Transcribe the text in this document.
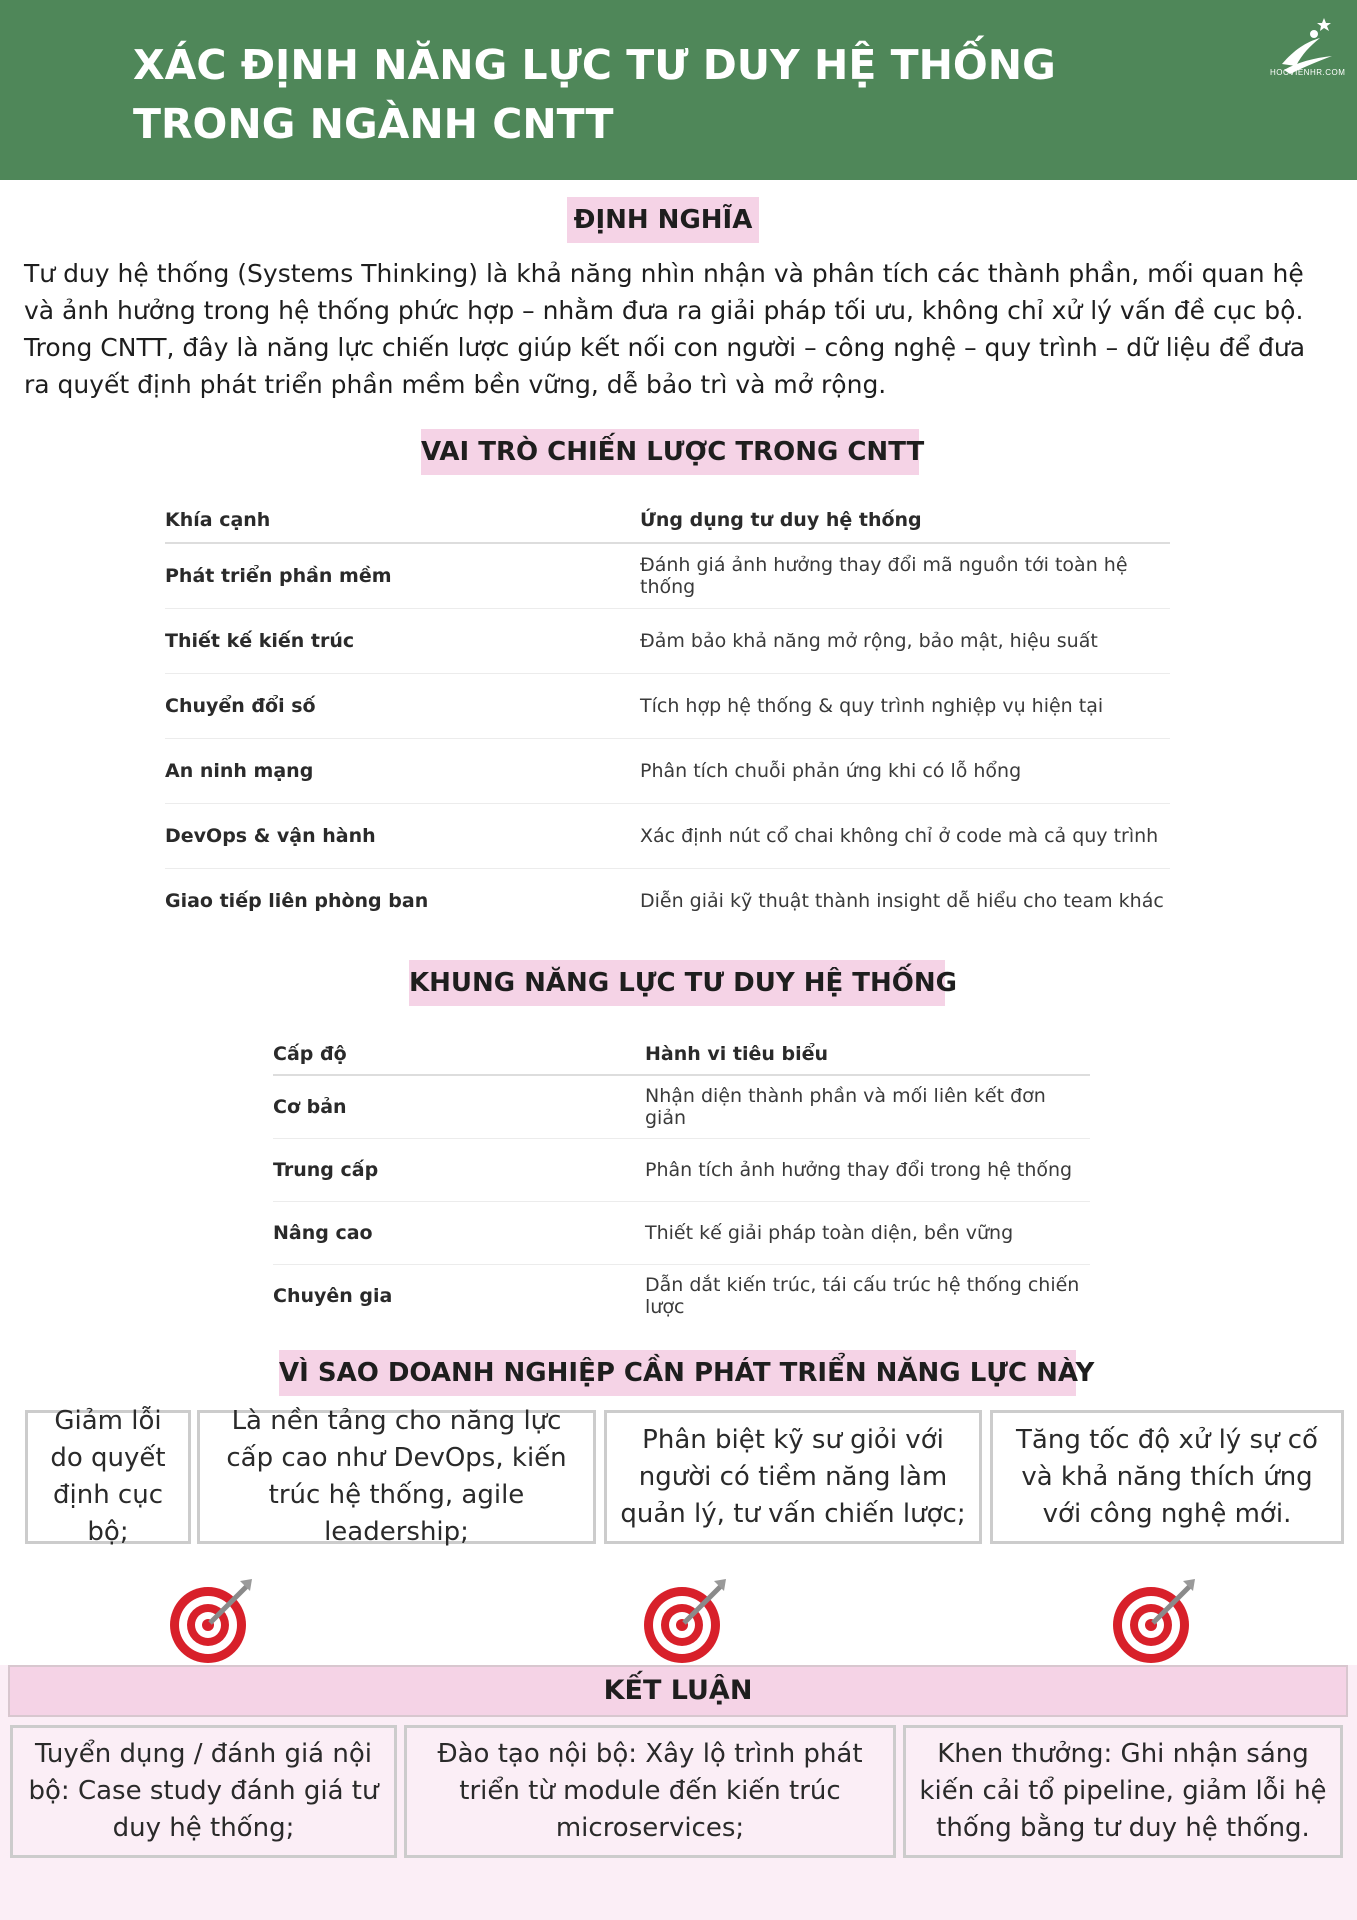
XÁC ĐỊNH NĂNG LỰC TƯ DUY HỆ THỐNG TRONG NGÀNH CNTT
HOCVIENHR.COM
ĐỊNH NGHĨA

Tư duy hệ thống (Systems Thinking) là khả năng nhìn nhận và phân tích các thành phần, mối quan hệ và ảnh hưởng trong hệ thống phức hợp – nhằm đưa ra giải pháp tối ưu, không chỉ xử lý vấn đề cục bộ. Trong CNTT, đây là năng lực chiến lược giúp kết nối con người – công nghệ – quy trình – dữ liệu để đưa ra quyết định phát triển phần mềm bền vững, dễ bảo trì và mở rộng.

VAI TRÒ CHIẾN LƯỢC TRONG CNTT
Khía cạnh	Ứng dụng tư duy hệ thống
Phát triển phần mềm	Đánh giá ảnh hưởng thay đổi mã nguồn tới toàn hệ thống
Thiết kế kiến trúc	Đảm bảo khả năng mở rộng, bảo mật, hiệu suất
Chuyển đổi số	Tích hợp hệ thống & quy trình nghiệp vụ hiện tại
An ninh mạng	Phân tích chuỗi phản ứng khi có lỗ hổng
DevOps & vận hành	Xác định nút cổ chai không chỉ ở code mà cả quy trình
Giao tiếp liên phòng ban	Diễn giải kỹ thuật thành insight dễ hiểu cho team khác
KHUNG NĂNG LỰC TƯ DUY HỆ THỐNG
Cấp độ	Hành vi tiêu biểu
Cơ bản	Nhận diện thành phần và mối liên kết đơn giản
Trung cấp	Phân tích ảnh hưởng thay đổi trong hệ thống
Nâng cao	Thiết kế giải pháp toàn diện, bền vững
Chuyên gia	Dẫn dắt kiến trúc, tái cấu trúc hệ thống chiến lược
VÌ SAO DOANH NGHIỆP CẦN PHÁT TRIỂN NĂNG LỰC NÀY
Giảm lỗi do quyết định cục bộ;
Là nền tảng cho năng lực cấp cao như DevOps, kiến trúc hệ thống, agile leadership;
Phân biệt kỹ sư giỏi với người có tiềm năng làm quản lý, tư vấn chiến lược;
Tăng tốc độ xử lý sự cố và khả năng thích ứng với công nghệ mới.
KẾT LUẬN
Tuyển dụng / đánh giá nội bộ: Case study đánh giá tư duy hệ thống;
Đào tạo nội bộ: Xây lộ trình phát triển từ module đến kiến trúc microservices;
Khen thưởng: Ghi nhận sáng kiến cải tổ pipeline, giảm lỗi hệ thống bằng tư duy hệ thống.
